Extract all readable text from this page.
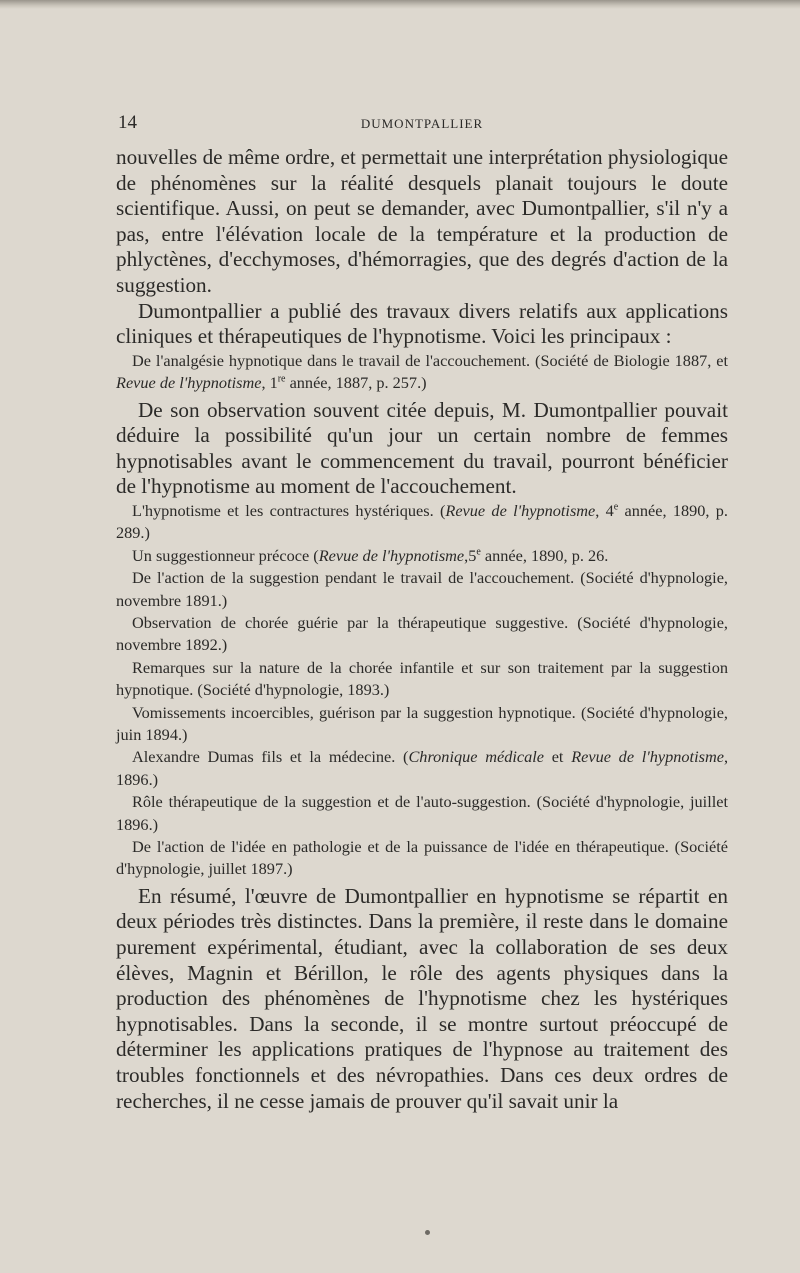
14	DUMONTPALLIER

nouvelles de même ordre, et permettait une interprétation physiologique de phénomènes sur la réalité desquels planait toujours le doute scientifique. Aussi, on peut se demander, avec Dumontpallier, s'il n'y a pas, entre l'élévation locale de la température et la production de phlyctènes, d'ecchymoses, d'hémorragies, que des degrés d'action de la suggestion.

Dumontpallier a publié des travaux divers relatifs aux applications cliniques et thérapeutiques de l'hypnotisme. Voici les principaux :

De l'analgésie hypnotique dans le travail de l'accouchement. (Société de Biologie 1887, et Revue de l'hypnotisme, 1re année, 1887, p. 257.)

De son observation souvent citée depuis, M. Dumontpallier pouvait déduire la possibilité qu'un jour un certain nombre de femmes hypnotisables avant le commencement du travail, pourront bénéficier de l'hypnotisme au moment de l'accouchement.

L'hypnotisme et les contractures hystériques. (Revue de l'hypnotisme, 4e année, 1890, p. 289.)

Un suggestionneur précoce (Revue de l'hypnotisme,5e année, 1890, p. 26.

De l'action de la suggestion pendant le travail de l'accouchement. (Société d'hypnologie, novembre 1891.)

Observation de chorée guérie par la thérapeutique suggestive. (Société d'hypnologie, novembre 1892.)

Remarques sur la nature de la chorée infantile et sur son traitement par la suggestion hypnotique. (Société d'hypnologie, 1893.)

Vomissements incoercibles, guérison par la suggestion hypnotique. (Société d'hypnologie, juin 1894.)

Alexandre Dumas fils et la médecine. (Chronique médicale et Revue de l'hypnotisme, 1896.)

Rôle thérapeutique de la suggestion et de l'auto-suggestion. (Société d'hypnologie, juillet 1896.)

De l'action de l'idée en pathologie et de la puissance de l'idée en thérapeutique. (Société d'hypnologie, juillet 1897.)

En résumé, l'œuvre de Dumontpallier en hypnotisme se répartit en deux périodes très distinctes. Dans la première, il reste dans le domaine purement expérimental, étudiant, avec la collaboration de ses deux élèves, Magnin et Bérillon, le rôle des agents physiques dans la production des phénomènes de l'hypnotisme chez les hystériques hypnotisables. Dans la seconde, il se montre surtout préoccupé de déterminer les applications pratiques de l'hypnose au traitement des troubles fonctionnels et des névropathies. Dans ces deux ordres de recherches, il ne cesse jamais de prouver qu'il savait unir la
